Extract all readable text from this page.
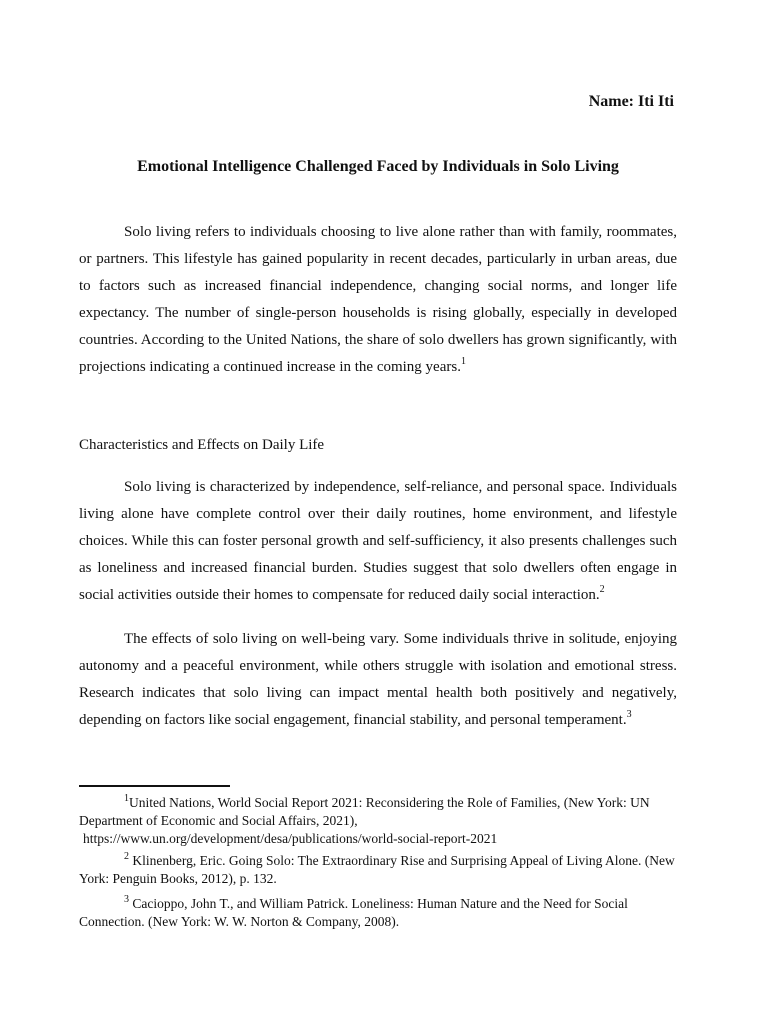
Name: Iti Iti

Emotional Intelligence Challenged Faced by Individuals in Solo Living

Solo living refers to individuals choosing to live alone rather than with family, roommates, or partners. This lifestyle has gained popularity in recent decades, particularly in urban areas, due to factors such as increased financial independence, changing social norms, and longer life expectancy. The number of single-person households is rising globally, especially in developed countries. According to the United Nations, the share of solo dwellers has grown significantly, with projections indicating a continued increase in the coming years.$^1$

Characteristics and Effects on Daily Life

Solo living is characterized by independence, self-reliance, and personal space. Individuals living alone have complete control over their daily routines, home environment, and lifestyle choices. While this can foster personal growth and self-sufficiency, it also presents challenges such as loneliness and increased financial burden. Studies suggest that solo dwellers often engage in social activities outside their homes to compensate for reduced daily social interaction.$^2$

The effects of solo living on well-being vary. Some individuals thrive in solitude, enjoying autonomy and a peaceful environment, while others struggle with isolation and emotional stress. Research indicates that solo living can impact mental health both positively and negatively, depending on factors like social engagement, financial stability, and personal temperament.$^3$

$^1$United Nations, World Social Report 2021: Reconsidering the Role of Families, (New York: UN Department of Economic and Social Affairs, 2021),
https://www.un.org/development/desa/publications/world-social-report-2021

$^2$ Klinenberg, Eric. Going Solo: The Extraordinary Rise and Surprising Appeal of Living Alone. (New York: Penguin Books, 2012), p. 132.

$^3$ Cacioppo, John T., and William Patrick. Loneliness: Human Nature and the Need for Social Connection. (New York: W. W. Norton & Company, 2008).
